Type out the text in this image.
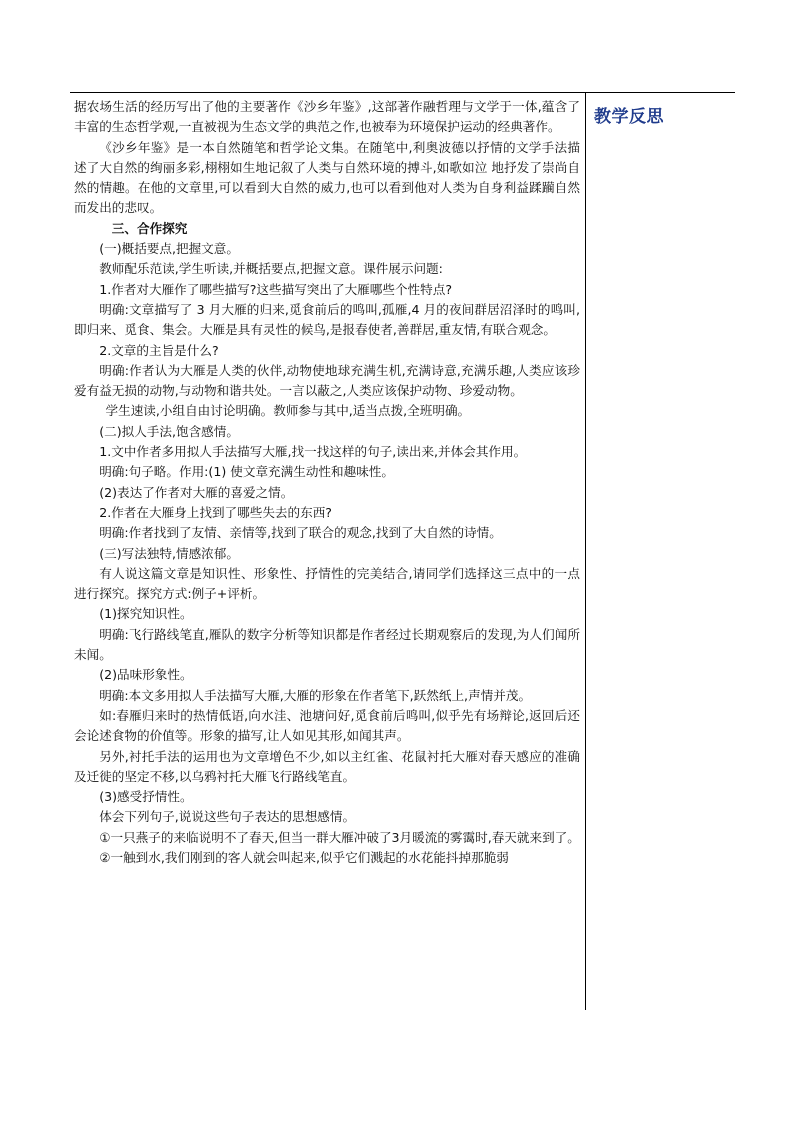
据农场生活的经历写出了他的主要著作《沙乡年鉴》,这部著作融哲理与文学于一体,蕴含了丰富的生态哲学观,一直被视为生态文学的典范之作,也被奉为环境保护运动的经典著作。

《沙乡年鉴》是一本自然随笔和哲学论文集。在随笔中,利奥波德以抒情的文学手法描述了大自然的绚丽多彩,栩栩如生地记叙了人类与自然环境的搏斗,如歌如泣 地抒发了崇尚自然的情趣。在他的文章里,可以看到大自然的威力,也可以看到他对人类为自身利益蹂躏自然而发出的悲叹。

三、合作探究

(一)概括要点,把握文意。

教师配乐范读,学生听读,并概括要点,把握文意。课件展示问题:

1.作者对大雁作了哪些描写?这些描写突出了大雁哪些个性特点?

明确:文章描写了 3 月大雁的归来,觅食前后的鸣叫,孤雁,4 月的夜间群居沼泽时的鸣叫,即归来、觅食、集会。大雁是具有灵性的候鸟,是报春使者,善群居,重友情,有联合观念。

2.文章的主旨是什么?

明确:作者认为大雁是人类的伙伴,动物使地球充满生机,充满诗意,充满乐趣,人类应该珍爱有益无损的动物,与动物和谐共处。一言以蔽之,人类应该保护动物、珍爱动物。

学生速读,小组自由讨论明确。教师参与其中,适当点拨,全班明确。

(二)拟人手法,饱含感情。

1.文中作者多用拟人手法描写大雁,找一找这样的句子,读出来,并体会其作用。

明确:句子略。作用:(1) 使文章充满生动性和趣味性。

(2)表达了作者对大雁的喜爱之情。

2.作者在大雁身上找到了哪些失去的东西?

明确:作者找到了友情、亲情等,找到了联合的观念,找到了大自然的诗情。

(三)写法独特,情感浓郁。

有人说这篇文章是知识性、形象性、抒情性的完美结合,请同学们选择这三点中的一点进行探究。探究方式:例子+评析。

(1)探究知识性。

明确:飞行路线笔直,雁队的数字分析等知识都是作者经过长期观察后的发现,为人们闻所未闻。

(2)品味形象性。

明确:本文多用拟人手法描写大雁,大雁的形象在作者笔下,跃然纸上,声情并茂。

如:春雁归来时的热情低语,向水洼、池塘问好,觅食前后鸣叫,似乎先有场辩论,返回后还会论述食物的价值等。形象的描写,让人如见其形,如闻其声。

另外,衬托手法的运用也为文章增色不少,如以主红雀、花鼠衬托大雁对春天感应的准确及迁徙的坚定不移,以乌鸦衬托大雁飞行路线笔直。

(3)感受抒情性。

体会下列句子,说说这些句子表达的思想感情。

①一只燕子的来临说明不了春天,但当一群大雁冲破了3月暖流的雾霭时,春天就来到了。

②一触到水,我们刚到的客人就会叫起来,似乎它们溅起的水花能抖掉那脆弱

教学反思
